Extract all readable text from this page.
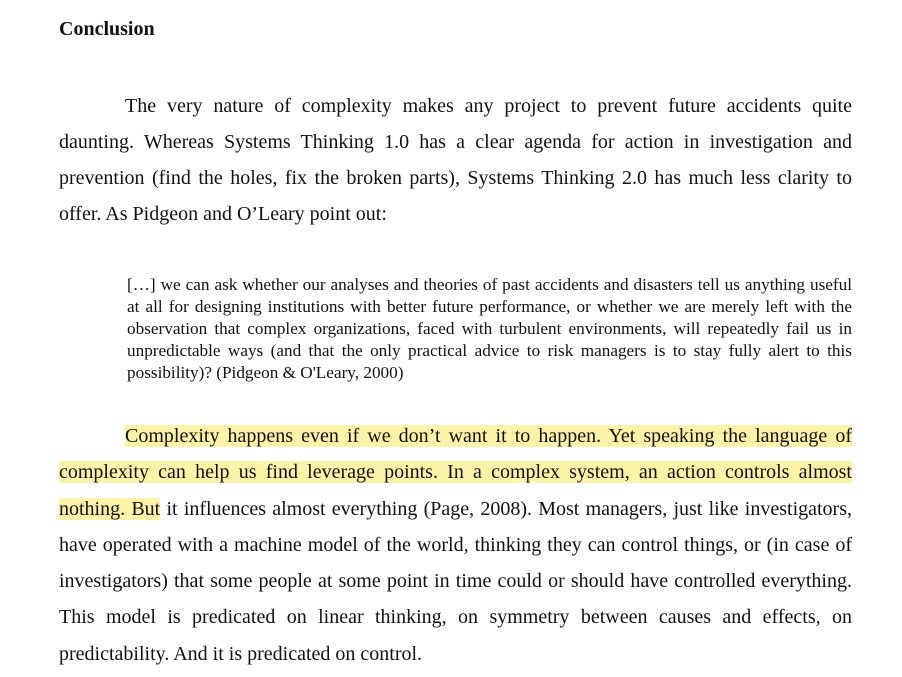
Conclusion

The very nature of complexity makes any project to prevent future accidents quite daunting. Whereas Systems Thinking 1.0 has a clear agenda for action in investigation and prevention (find the holes, fix the broken parts), Systems Thinking 2.0 has much less clarity to offer. As Pidgeon and O’Leary point out:

[…] we can ask whether our analyses and theories of past accidents and disasters tell us anything useful at all for designing institutions with better future performance, or whether we are merely left with the observation that complex organizations, faced with turbulent environments, will repeatedly fail us in unpredictable ways (and that the only practical advice to risk managers is to stay fully alert to this possibility)? (Pidgeon & O'Leary, 2000)

Complexity happens even if we don’t want it to happen. Yet speaking the language of complexity can help us find leverage points. In a complex system, an action controls almost nothing. But it influences almost everything (Page, 2008). Most managers, just like investigators, have operated with a machine model of the world, thinking they can control things, or (in case of investigators) that some people at some point in time could or should have controlled everything. This model is predicated on linear thinking, on symmetry between causes and effects, on predictability. And it is predicated on control.
